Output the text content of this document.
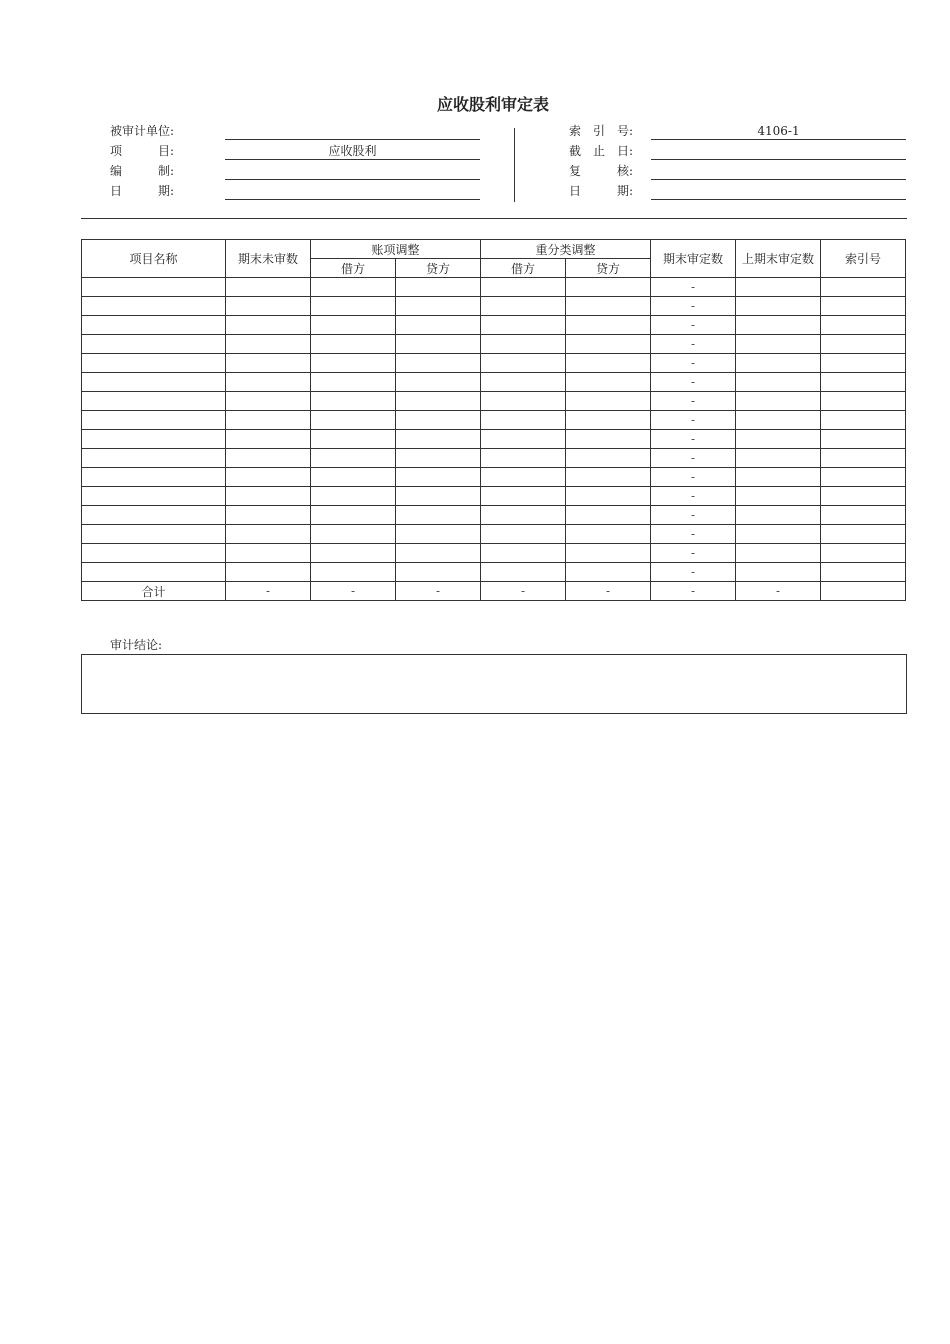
应收股利审定表
被审计单位:
项　　　目:	应收股利
编　　　制:
日　　　期:
索　引　号:	4106-1
截　止　日:
复　　　核:
日　　　期:
项目名称	期末未审数	账项调整		重分类调整		期末审定数	上期末审定数	索引号
		借方	贷方	借方	贷方			
						-		
						-		
						-		
						-		
						-		
						-		
						-		
						-		
						-		
						-		
						-		
						-		
						-		
						-		
						-		
						-		
合计	-	-	-	-	-	-	-	
审计结论:
